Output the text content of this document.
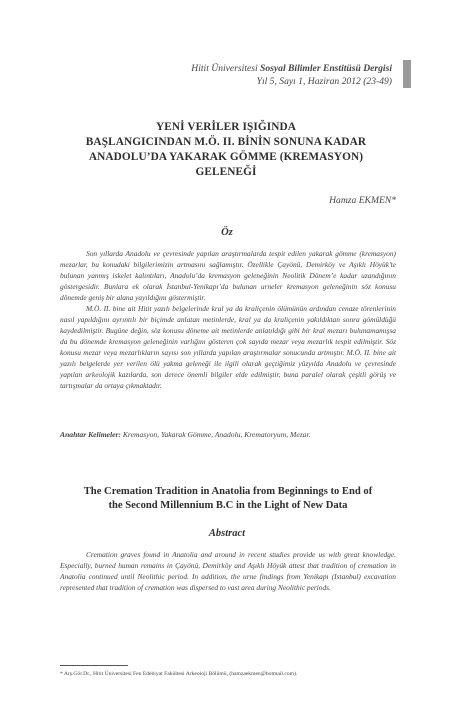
Hitit Üniversitesi Sosyal Bilimler Enstitüsü Dergisi
Yıl 5, Sayı 1, Haziran 2012 (23-49)
YENİ VERİLER IŞIĞINDA
BAŞLANGICINDAN M.Ö. II. BİNİN SONUNA KADAR
ANADOLU’DA YAKARAK GÖMME (KREMASYON)
GELENEĞİ
Hamza EKMEN*
Öz

Son yıllarda Anadolu ve çevresinde yapılan araştırmalarda tespit edilen yakarak gömme (kremasyon) mezarlar, bu konudaki bilgilerimizin artmasını sağlamıştır. Özellikle Çayönü, Demirköy ve Aşıklı Höyük’te bulunan yanmış iskelet kalıntıları, Anadolu’da kremasyon geleneğinin Neolitik Dönem’e kadar uzandığının göstergesidir. Bunlara ek olarak İstanbul-Yenikapı’da bulunan urneler kremasyon geleneğinin söz konusu dönemde geniş bir alana yayıldığını göstermiştir.

M.Ö. II. bine ait Hitit yazılı belgelerinde kral ya da kraliçenin ölümünün ardından cenaze törenlerinin nasıl yapıldığını ayrıntılı bir biçimde anlatan metinlerde, kral ya da kraliçenin yakıldıktan sonra gömüldüğü kaydedilmiştir. Bugüne değin, söz konusu döneme ait metinlerde anlatıldığı gibi bir kral mezarı bulunamamışsa da bu dönemde kremasyon geleneğinin varlığını gösteren çok sayıda mezar veya mezarlık tespit edilmiştir. Söz konusu mezar veya mezarlıkların sayısı son yıllarda yapılan araştırmalar sonucunda artmıştır. M.Ö. II. bine ait yazılı belgelerde yer verilen ölü yakma geleneği ile ilgili olarak geçtiğimiz yüzyılda Anadolu ve çevresinde yapılan arkeolojik kazılarda, son derece önemli bilgiler elde edilmiştir, buna paralel olarak çeşitli görüş ve tartışmalar da ortaya çıkmaktadır.

Anahtar Kelimeler: Kremasyon, Yakarak Gömme, Anadolu, Krematoryum, Mezar.
The Cremation Tradition in Anatolia from Beginnings to End of
the Second Millennium B.C in the Light of New Data
Abstract

Cremation graves found in Anatolia and around in recent studies provide us with great knowledge. Especially, burned human remains in Çayönü, Demirköy and Aşıklı Höyük attest that tradition of cremation in Anatolia continued until Neolithic period. In addition, the urne findings from Yenikapı (Istanbul) excavation represented that tradition of cremation was dispersed to vast area during Neolithic periods.

* Arş.Gör.Dr., Hitit Üniversitesi Fen Edebiyat Fakültesi Arkeoloji Bölümü, (hamzaekmen@hotmail.com).
